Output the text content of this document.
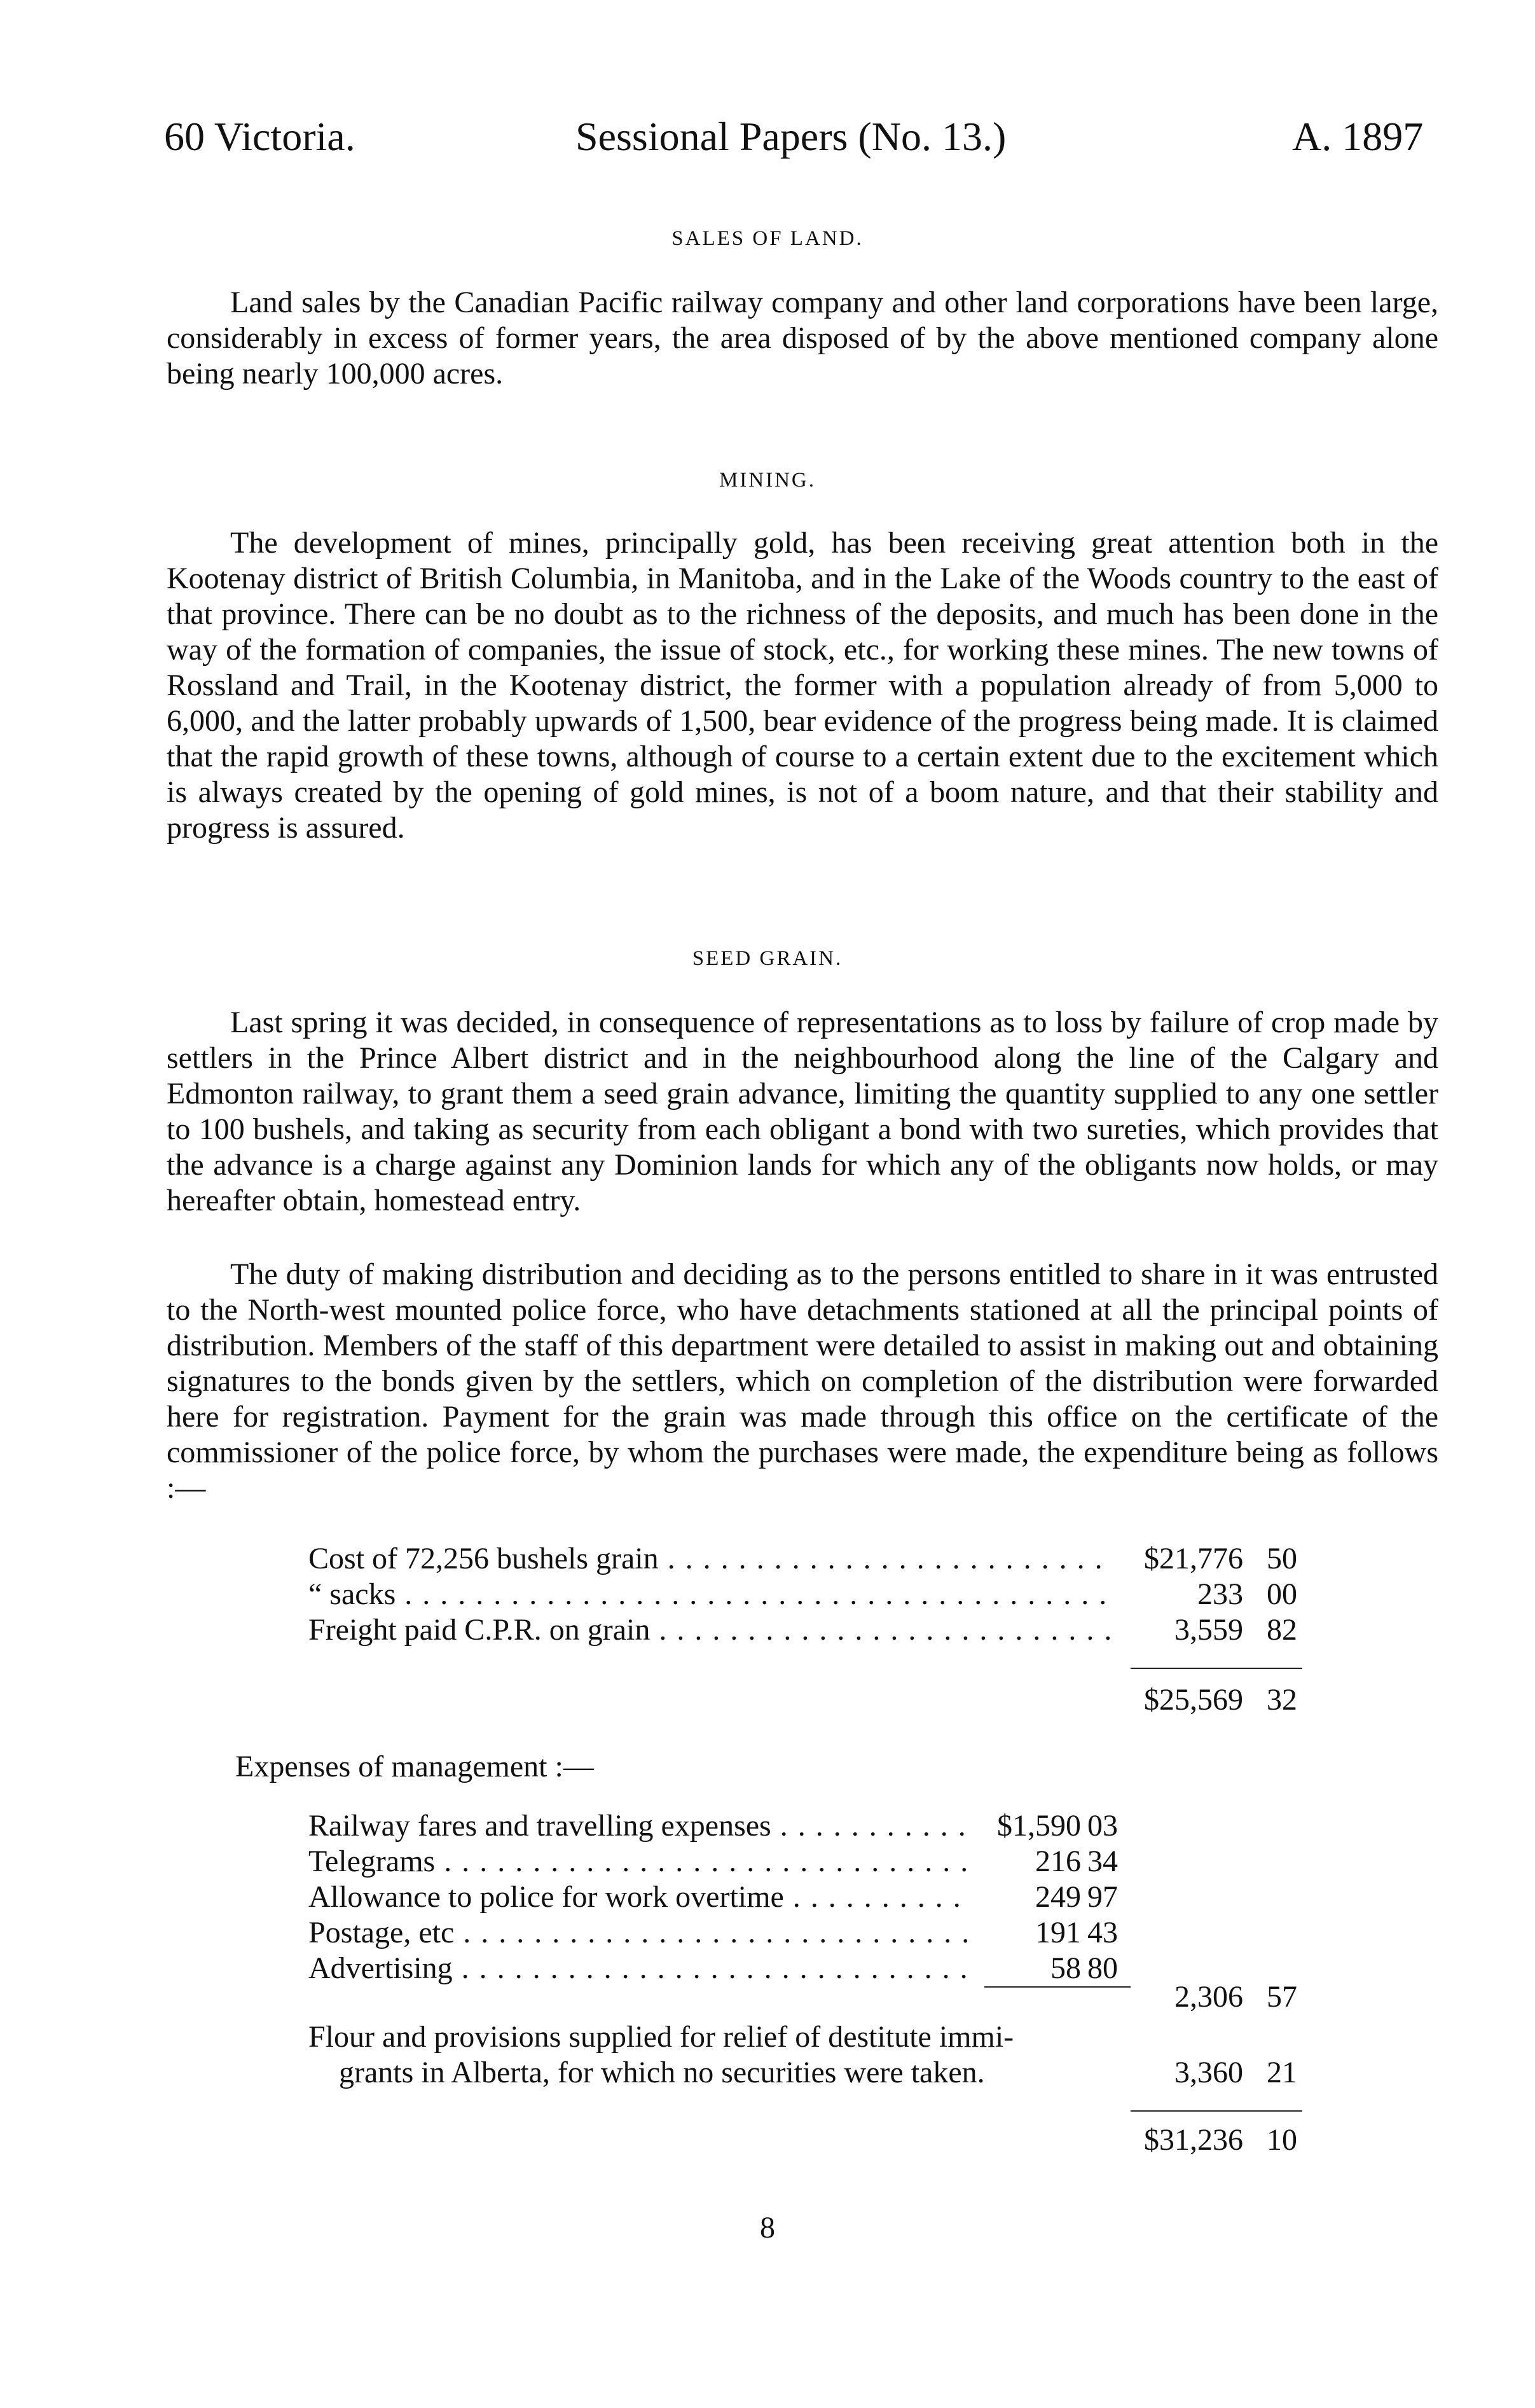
60 Victoria.	Sessional Papers (No. 13.)	A. 1897
SALES OF LAND.

Land sales by the Canadian Pacific railway company and other land corporations have been large, considerably in excess of former years, the area disposed of by the above mentioned company alone being nearly 100,000 acres.

MINING.

The development of mines, principally gold, has been receiving great attention both in the Kootenay district of British Columbia, in Manitoba, and in the Lake of the Woods country to the east of that province. There can be no doubt as to the richness of the deposits, and much has been done in the way of the formation of companies, the issue of stock, etc., for working these mines. The new towns of Rossland and Trail, in the Kootenay district, the former with a population already of from 5,000 to 6,000, and the latter probably upwards of 1,500, bear evidence of the progress being made. It is claimed that the rapid growth of these towns, although of course to a certain extent due to the excitement which is always created by the opening of gold mines, is not of a boom nature, and that their stability and progress is assured.

SEED GRAIN.

Last spring it was decided, in consequence of representations as to loss by failure of crop made by settlers in the Prince Albert district and in the neighbourhood along the line of the Calgary and Edmonton railway, to grant them a seed grain advance, limiting the quantity supplied to any one settler to 100 bushels, and taking as security from each obligant a bond with two sureties, which provides that the advance is a charge against any Dominion lands for which any of the obligants now holds, or may hereafter obtain, homestead entry.

The duty of making distribution and deciding as to the persons entitled to share in it was entrusted to the North-west mounted police force, who have detachments stationed at all the principal points of distribution. Members of the staff of this department were detailed to assist in making out and obtaining signatures to the bonds given by the settlers, which on completion of the distribution were forwarded here for registration. Payment for the grain was made through this office on the certificate of the commissioner of the police force, by whom the purchases were made, the expenditure being as follows :—

Cost of 72,256 bushels grain . . .	$21,776 50
“ sacks . . .	233 00
Freight paid C.P.R. on grain . . .	3,559 82
$25,569 32
Expenses of management :—
Railway fares and travelling expenses . . .	$1,590 03
Telegrams . . .	216 34
Allowance to police for work overtime . . .	249 97
Postage, etc . . .	191 43
Advertising . . .	58 80
2,306 57
Flour and provisions supplied for relief of destitute immi-
grants in Alberta, for which no securities were taken.	3,360 21
$31,236 10
8
